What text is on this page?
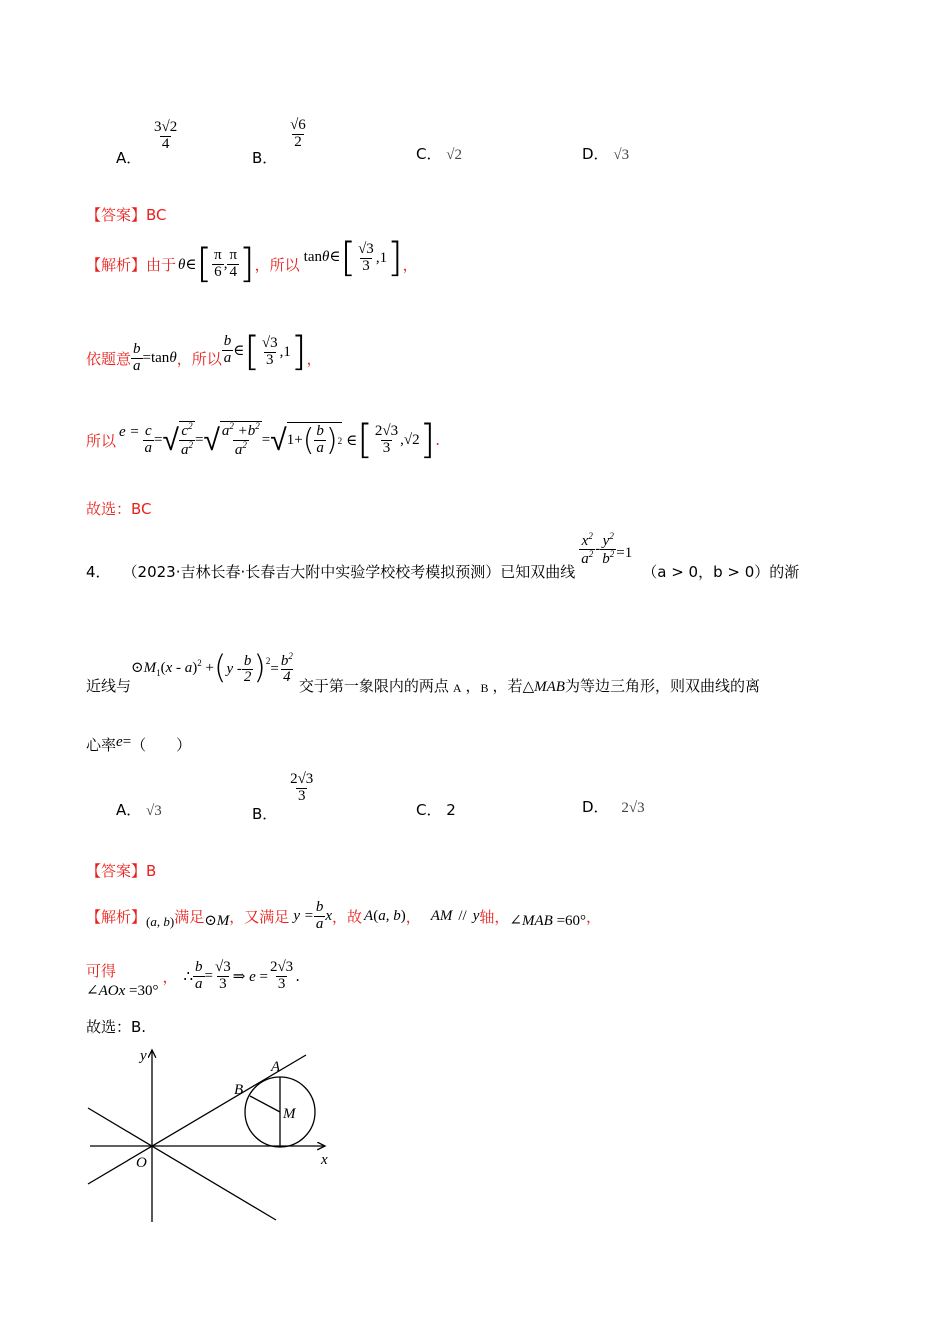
A．
$\frac{3√2}{4}$
B．
$\frac{√6}{2}$
C． √2	D． √3
【答案】BC
【解析】 由于 θ∈ [ $\frac{\pi}{6}$ , $\frac{\pi}{4}$ ] ，所以 tanθ∈ [ $\frac{√3}{3} ,1$ ] ，
依题意 $\frac{b}{a} =\tan\theta$ ，所以 $\frac{b}{a}$ ∈ [ $\frac{√3}{3} ,1$ ] ，
所以 $e = \frac{c}{a}$ = √ $\frac{c^2}{a^2}$ = √ $\frac{a^2 +b^2}{a^2}$ = √ 1+ ( $\frac{b}{a}$ ) 2 ∈ [ $\frac{2√3}{3} ,√2$ ] .
故选：BC
4． （2023·吉林长春·长春吉大附中实验学校校考模拟预测）已知双曲线
$\frac{x^2}{a^2} - \frac{y^2}{b^2} =1$
（a > 0，b > 0）的渐
近线与
$⊙M_1(x - a)^2$ + ( y - $\frac{b}{2}$ ) $2 = \frac{b^2}{4}$ 交于第一象限内的两点 A ， B ，若 △MAB 为等边三角形，则双曲线的离
心率 e = （　　）
A． √3	B．
$\frac{2√3}{3}$
C． 2	D． 2√3
【答案】B
【解析】 (a, b) 满足 ⊙M ，又满足 $y = \frac{b}{a}$ x ，故 A(a, b) ， AM // y 轴， ∠MAB =60° ，
可得
∠AOx =30°
， ∴ $\frac{b}{a} = \frac{√3}{3}$ ⇒ $e = \frac{2√3}{3}$ .
故选：B.
y
x
O
A
B
M
